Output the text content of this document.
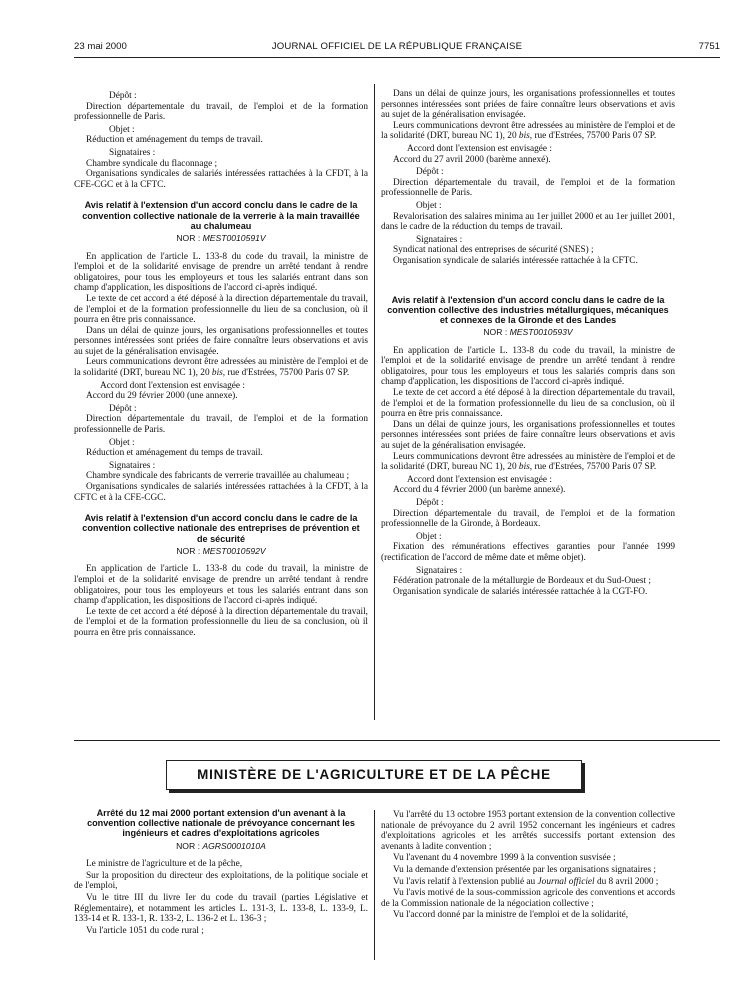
23 mai 2000	JOURNAL OFFICIEL DE LA RÉPUBLIQUE FRANÇAISE	7751

Dépôt :

Direction départementale du travail, de l'emploi et de la formation professionnelle de Paris.

Objet :

Réduction et aménagement du temps de travail.

Signataires :

Chambre syndicale du flaconnage ;

Organisations syndicales de salariés intéressées rattachées à la CFDT, à la CFE-CGC et à la CFTC.

Avis relatif à l'extension d'un accord conclu dans le cadre de la convention collective nationale de la verrerie à la main travaillée au chalumeau
NOR : MEST0010591V

En application de l'article L. 133-8 du code du travail, la ministre de l'emploi et de la solidarité envisage de prendre un arrêté tendant à rendre obligatoires, pour tous les employeurs et tous les salariés entrant dans son champ d'application, les dispositions de l'accord ci-après indiqué.

Le texte de cet accord a été déposé à la direction départementale du travail, de l'emploi et de la formation professionnelle du lieu de sa conclusion, où il pourra en être pris connaissance.

Dans un délai de quinze jours, les organisations professionnelles et toutes personnes intéressées sont priées de faire connaître leurs observations et avis au sujet de la généralisation envisagée.

Leurs communications devront être adressées au ministère de l'emploi et de la solidarité (DRT, bureau NC 1), 20 bis, rue d'Estrées, 75700 Paris 07 SP.

Accord dont l'extension est envisagée :

Accord du 29 février 2000 (une annexe).

Dépôt :

Direction départementale du travail, de l'emploi et de la formation professionnelle de Paris.

Objet :

Réduction et aménagement du temps de travail.

Signataires :

Chambre syndicale des fabricants de verrerie travaillée au chalumeau ;

Organisations syndicales de salariés intéressées rattachées à la CFDT, à la CFTC et à la CFE-CGC.

Avis relatif à l'extension d'un accord conclu dans le cadre de la convention collective nationale des entreprises de prévention et de sécurité
NOR : MEST0010592V

En application de l'article L. 133-8 du code du travail, la ministre de l'emploi et de la solidarité envisage de prendre un arrêté tendant à rendre obligatoires, pour tous les employeurs et tous les salariés entrant dans son champ d'application, les dispositions de l'accord ci-après indiqué.

Le texte de cet accord a été déposé à la direction départementale du travail, de l'emploi et de la formation professionnelle du lieu de sa conclusion, où il pourra en être pris connaissance.

Dans un délai de quinze jours, les organisations professionnelles et toutes personnes intéressées sont priées de faire connaître leurs observations et avis au sujet de la généralisation envisagée.

Leurs communications devront être adressées au ministère de l'emploi et de la solidarité (DRT, bureau NC 1), 20 bis, rue d'Estrées, 75700 Paris 07 SP.

Accord dont l'extension est envisagée :

Accord du 27 avril 2000 (barème annexé).

Dépôt :

Direction départementale du travail, de l'emploi et de la formation professionnelle de Paris.

Objet :

Revalorisation des salaires minima au 1er juillet 2000 et au 1er juillet 2001, dans le cadre de la réduction du temps de travail.

Signataires :

Syndicat national des entreprises de sécurité (SNES) ;

Organisation syndicale de salariés intéressée rattachée à la CFTC.

Avis relatif à l'extension d'un accord conclu dans le cadre de la convention collective des industries métallurgiques, mécaniques et connexes de la Gironde et des Landes
NOR : MEST0010593V

En application de l'article L. 133-8 du code du travail, la ministre de l'emploi et de la solidarité envisage de prendre un arrêté tendant à rendre obligatoires, pour tous les employeurs et tous les salariés compris dans son champ d'application, les dispositions de l'accord ci-après indiqué.

Le texte de cet accord a été déposé à la direction départementale du travail, de l'emploi et de la formation professionnelle du lieu de sa conclusion, où il pourra en être pris connaissance.

Dans un délai de quinze jours, les organisations professionnelles et toutes personnes intéressées sont priées de faire connaître leurs observations et avis au sujet de la généralisation envisagée.

Leurs communications devront être adressées au ministère de l'emploi et de la solidarité (DRT, bureau NC 1), 20 bis, rue d'Estrées, 75700 Paris 07 SP.

Accord dont l'extension est envisagée :

Accord du 4 février 2000 (un barème annexé).

Dépôt :

Direction départementale du travail, de l'emploi et de la formation professionnelle de la Gironde, à Bordeaux.

Objet :

Fixation des rémunérations effectives garanties pour l'année 1999 (rectification de l'accord de même date et même objet).

Signataires :

Fédération patronale de la métallurgie de Bordeaux et du Sud-Ouest ;

Organisation syndicale de salariés intéressée rattachée à la CGT-FO.

MINISTÈRE DE L'AGRICULTURE ET DE LA PÊCHE
Arrêté du 12 mai 2000 portant extension d'un avenant à la convention collective nationale de prévoyance concernant les ingénieurs et cadres d'exploitations agricoles
NOR : AGRS0001010A

Le ministre de l'agriculture et de la pêche,

Sur la proposition du directeur des exploitations, de la politique sociale et de l'emploi,

Vu le titre III du livre Ier du code du travail (parties Législative et Réglementaire), et notamment les articles L. 131-3, L. 133-8, L. 133-9, L. 133-14 et R. 133-1, R. 133-2, L. 136-2 et L. 136-3 ;

Vu l'article 1051 du code rural ;

Vu l'arrêté du 13 octobre 1953 portant extension de la convention collective nationale de prévoyance du 2 avril 1952 concernant les ingénieurs et cadres d'exploitations agricoles et les arrêtés successifs portant extension des avenants à ladite convention ;

Vu l'avenant du 4 novembre 1999 à la convention susvisée ;

Vu la demande d'extension présentée par les organisations signataires ;

Vu l'avis relatif à l'extension publié au Journal officiel du 8 avril 2000 ;

Vu l'avis motivé de la sous-commission agricole des conventions et accords de la Commission nationale de la négociation collective ;

Vu l'accord donné par la ministre de l'emploi et de la solidarité,
